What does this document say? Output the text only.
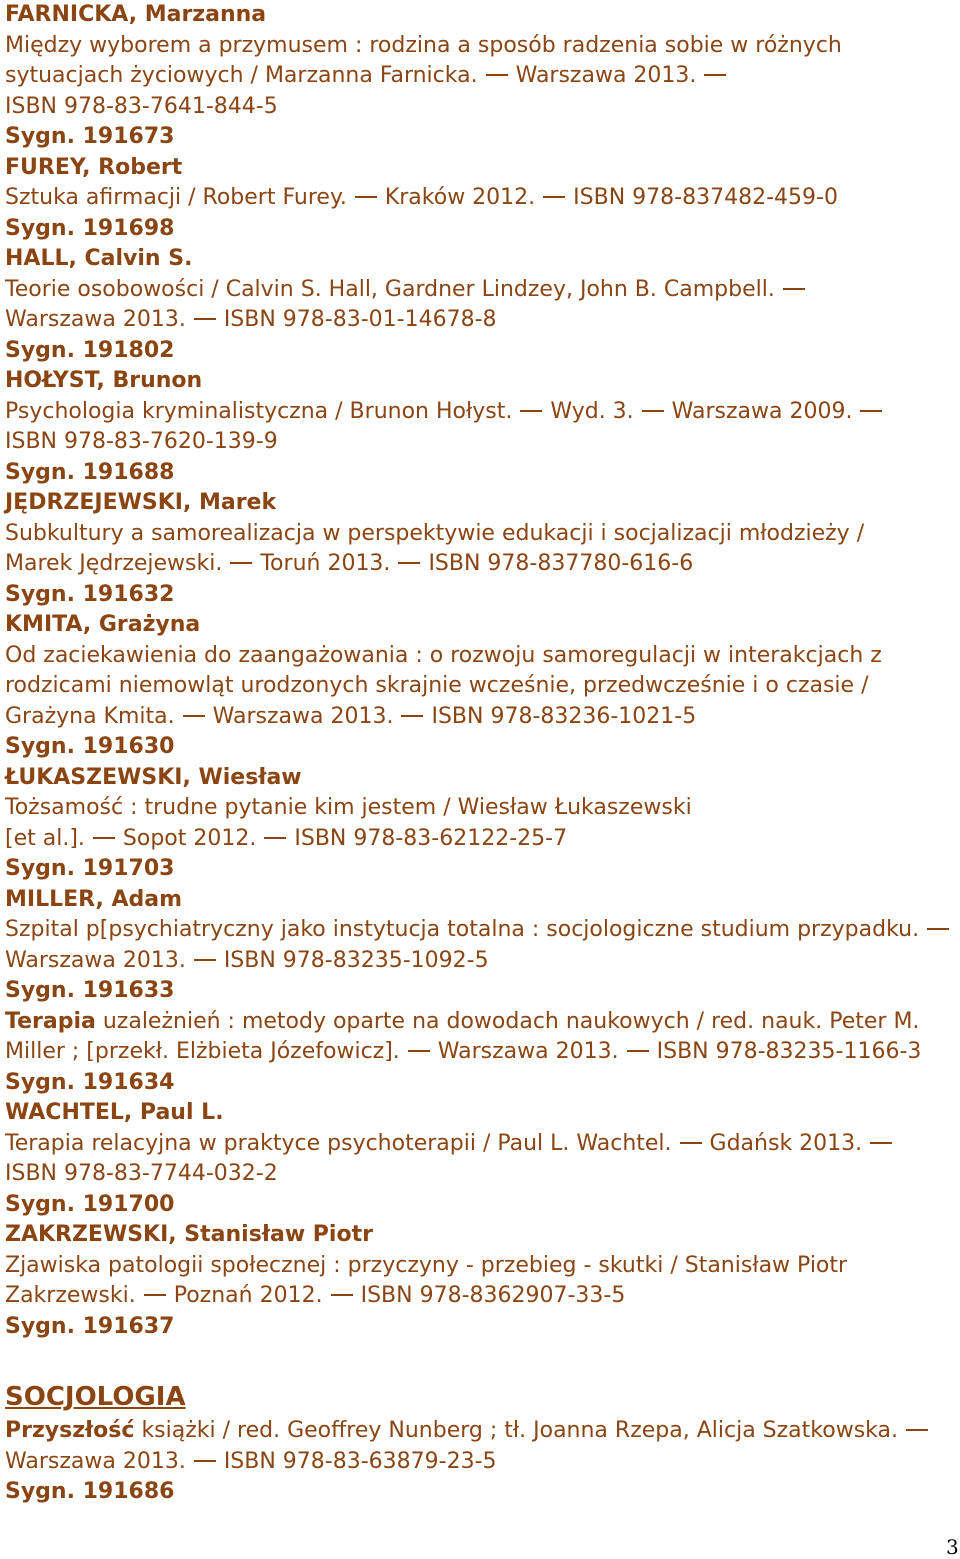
FARNICKA, Marzanna
Między wyborem a przymusem : rodzina a sposób radzenia sobie w różnych
sytuacjach życiowych / Marzanna Farnicka. Warszawa 2013.
ISBN 978-83-7641-844-5
Sygn. 191673
FUREY, Robert
Sztuka afirmacji / Robert Furey. Kraków 2012. ISBN 978-837482-459-0
Sygn. 191698
HALL, Calvin S.
Teorie osobowości / Calvin S. Hall, Gardner Lindzey, John B. Campbell.
Warszawa 2013. ISBN 978-83-01-14678-8
Sygn. 191802
HOŁYST, Brunon
Psychologia kryminalistyczna / Brunon Hołyst. Wyd. 3. Warszawa 2009.
ISBN 978-83-7620-139-9
Sygn. 191688
JĘDRZEJEWSKI, Marek
Subkultury a samorealizacja w perspektywie edukacji i socjalizacji młodzieży /
Marek Jędrzejewski. Toruń 2013. ISBN 978-837780-616-6
Sygn. 191632
KMITA, Grażyna
Od zaciekawienia do zaangażowania : o rozwoju samoregulacji w interakcjach z
rodzicami niemowląt urodzonych skrajnie wcześnie, przedwcześnie i o czasie /
Grażyna Kmita. Warszawa 2013. ISBN 978-83236-1021-5
Sygn. 191630
ŁUKASZEWSKI, Wiesław
Tożsamość : trudne pytanie kim jestem / Wiesław Łukaszewski
[et al.]. Sopot 2012. ISBN 978-83-62122-25-7
Sygn. 191703
MILLER, Adam
Szpital p[psychiatryczny jako instytucja totalna : socjologiczne studium przypadku.
Warszawa 2013. ISBN 978-83235-1092-5
Sygn. 191633
Terapia uzależnień : metody oparte na dowodach naukowych / red. nauk. Peter M.
Miller ; [przekł. Elżbieta Józefowicz]. Warszawa 2013. ISBN 978-83235-1166-3
Sygn. 191634
WACHTEL, Paul L.
Terapia relacyjna w praktyce psychoterapii / Paul L. Wachtel. Gdańsk 2013.
ISBN 978-83-7744-032-2
Sygn. 191700
ZAKRZEWSKI, Stanisław Piotr
Zjawiska patologii społecznej : przyczyny - przebieg - skutki / Stanisław Piotr
Zakrzewski. Poznań 2012. ISBN 978-8362907-33-5
Sygn. 191637
SOCJOLOGIA
Przyszłość książki / red. Geoffrey Nunberg ; tł. Joanna Rzepa, Alicja Szatkowska.
Warszawa 2013. ISBN 978-83-63879-23-5
Sygn. 191686
3
